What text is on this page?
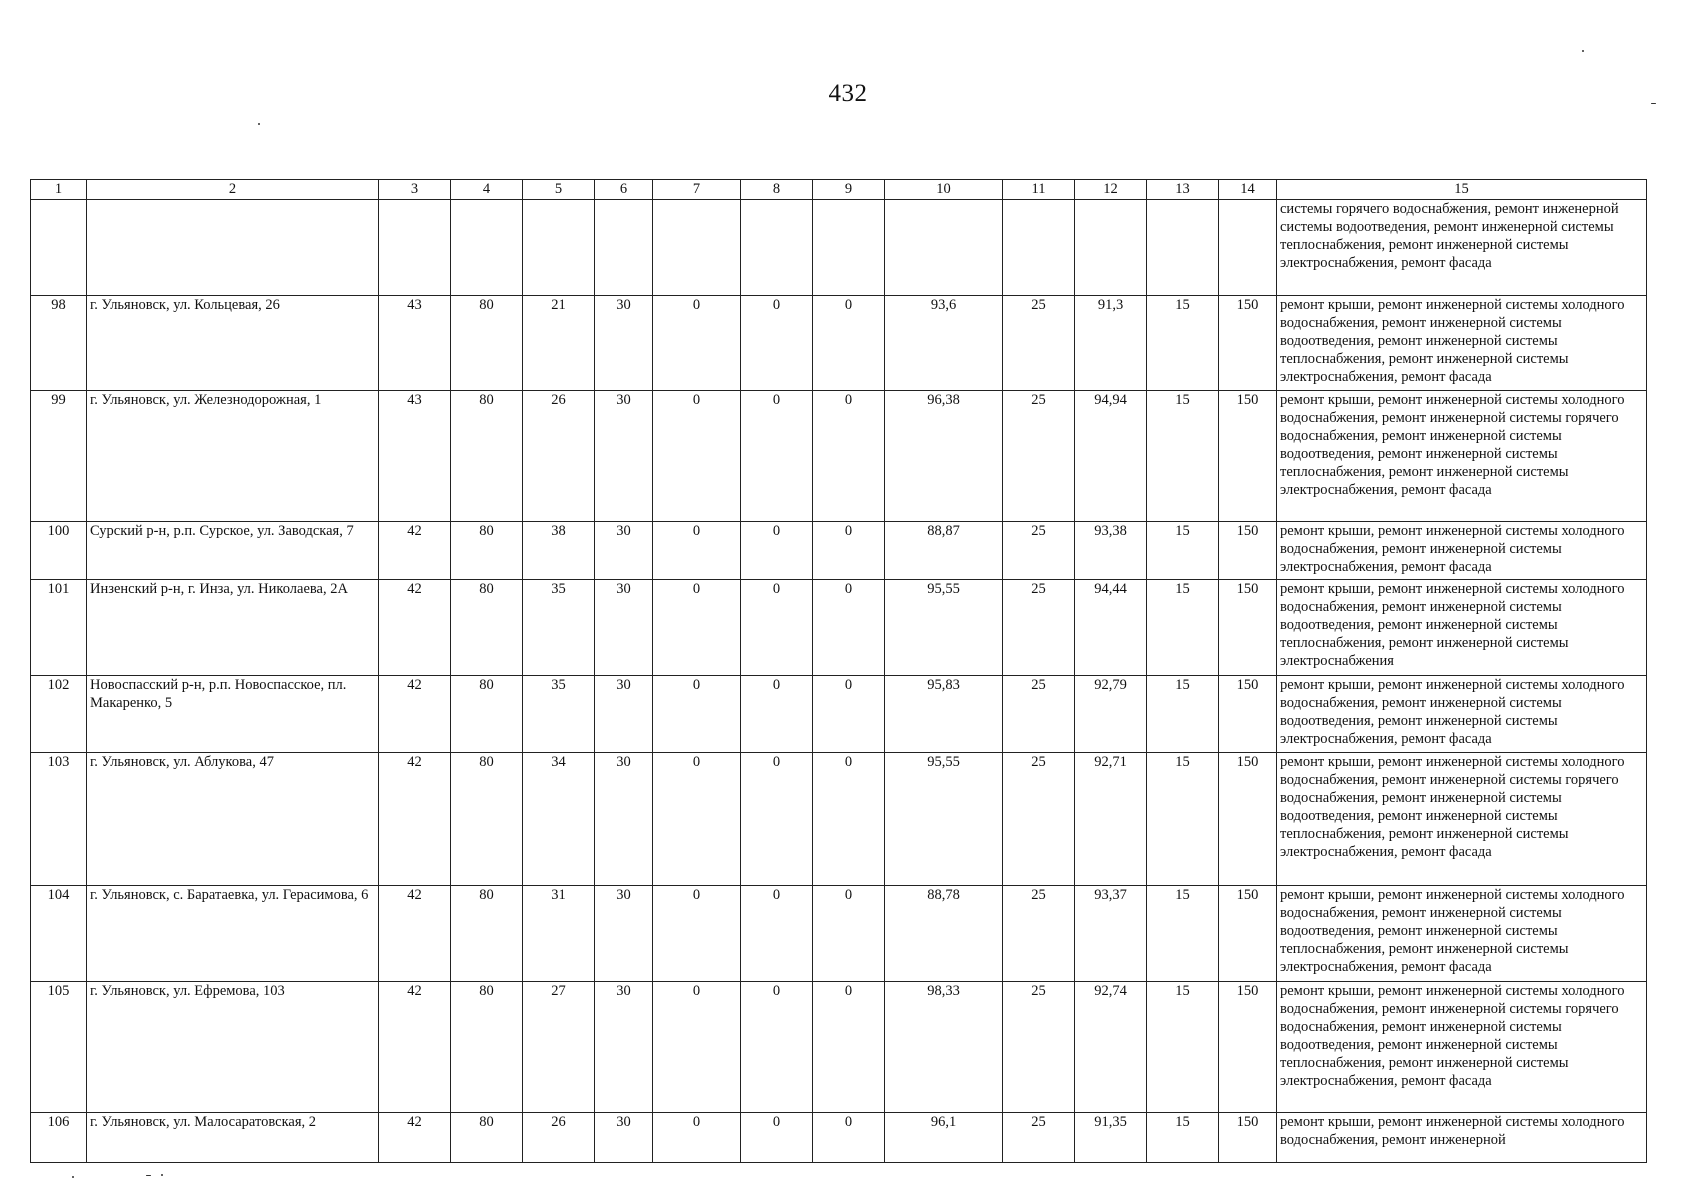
432
1	2	3	4	5	6	7	8	9	10	11	12	13	14	15
														системы горячего водоснабжения, ремонт инженерной системы водоотведения, ремонт инженерной системы теплоснабжения, ремонт инженерной системы электроснабжения, ремонт фасада
98	г. Ульяновск, ул. Кольцевая, 26	43	80	21	30	0	0	0	93,6	25	91,3	15	150	ремонт крыши, ремонт инженерной системы холодного водоснабжения, ремонт инженерной системы водоотведения, ремонт инженерной системы теплоснабжения, ремонт инженерной системы электроснабжения, ремонт фасада
99	г. Ульяновск, ул. Железнодорожная, 1	43	80	26	30	0	0	0	96,38	25	94,94	15	150	ремонт крыши, ремонт инженерной системы холодного водоснабжения, ремонт инженерной системы горячего водоснабжения, ремонт инженерной системы водоотведения, ремонт инженерной системы теплоснабжения, ремонт инженерной системы электроснабжения, ремонт фасада
100	Сурский р-н, р.п. Сурское, ул. Заводская, 7	42	80	38	30	0	0	0	88,87	25	93,38	15	150	ремонт крыши, ремонт инженерной системы холодного водоснабжения, ремонт инженерной системы электроснабжения, ремонт фасада
101	Инзенский р-н, г. Инза, ул. Николаева, 2А	42	80	35	30	0	0	0	95,55	25	94,44	15	150	ремонт крыши, ремонт инженерной системы холодного водоснабжения, ремонт инженерной системы водоотведения, ремонт инженерной системы теплоснабжения, ремонт инженерной системы электроснабжения
102	Новоспасский р-н, р.п. Новоспасское, пл. Макаренко, 5	42	80	35	30	0	0	0	95,83	25	92,79	15	150	ремонт крыши, ремонт инженерной системы холодного водоснабжения, ремонт инженерной системы водоотведения, ремонт инженерной системы электроснабжения, ремонт фасада
103	г. Ульяновск, ул. Аблукова, 47	42	80	34	30	0	0	0	95,55	25	92,71	15	150	ремонт крыши, ремонт инженерной системы холодного водоснабжения, ремонт инженерной системы горячего водоснабжения, ремонт инженерной системы водоотведения, ремонт инженерной системы теплоснабжения, ремонт инженерной системы электроснабжения, ремонт фасада
104	г. Ульяновск, с. Баратаевка, ул. Герасимова, 6	42	80	31	30	0	0	0	88,78	25	93,37	15	150	ремонт крыши, ремонт инженерной системы холодного водоснабжения, ремонт инженерной системы водоотведения, ремонт инженерной системы теплоснабжения, ремонт инженерной системы электроснабжения, ремонт фасада
105	г. Ульяновск, ул. Ефремова, 103	42	80	27	30	0	0	0	98,33	25	92,74	15	150	ремонт крыши, ремонт инженерной системы холодного водоснабжения, ремонт инженерной системы горячего водоснабжения, ремонт инженерной системы водоотведения, ремонт инженерной системы теплоснабжения, ремонт инженерной системы электроснабжения, ремонт фасада
106	г. Ульяновск, ул. Малосаратовская, 2	42	80	26	30	0	0	0	96,1	25	91,35	15	150	ремонт крыши, ремонт инженерной системы холодного водоснабжения, ремонт инженерной
